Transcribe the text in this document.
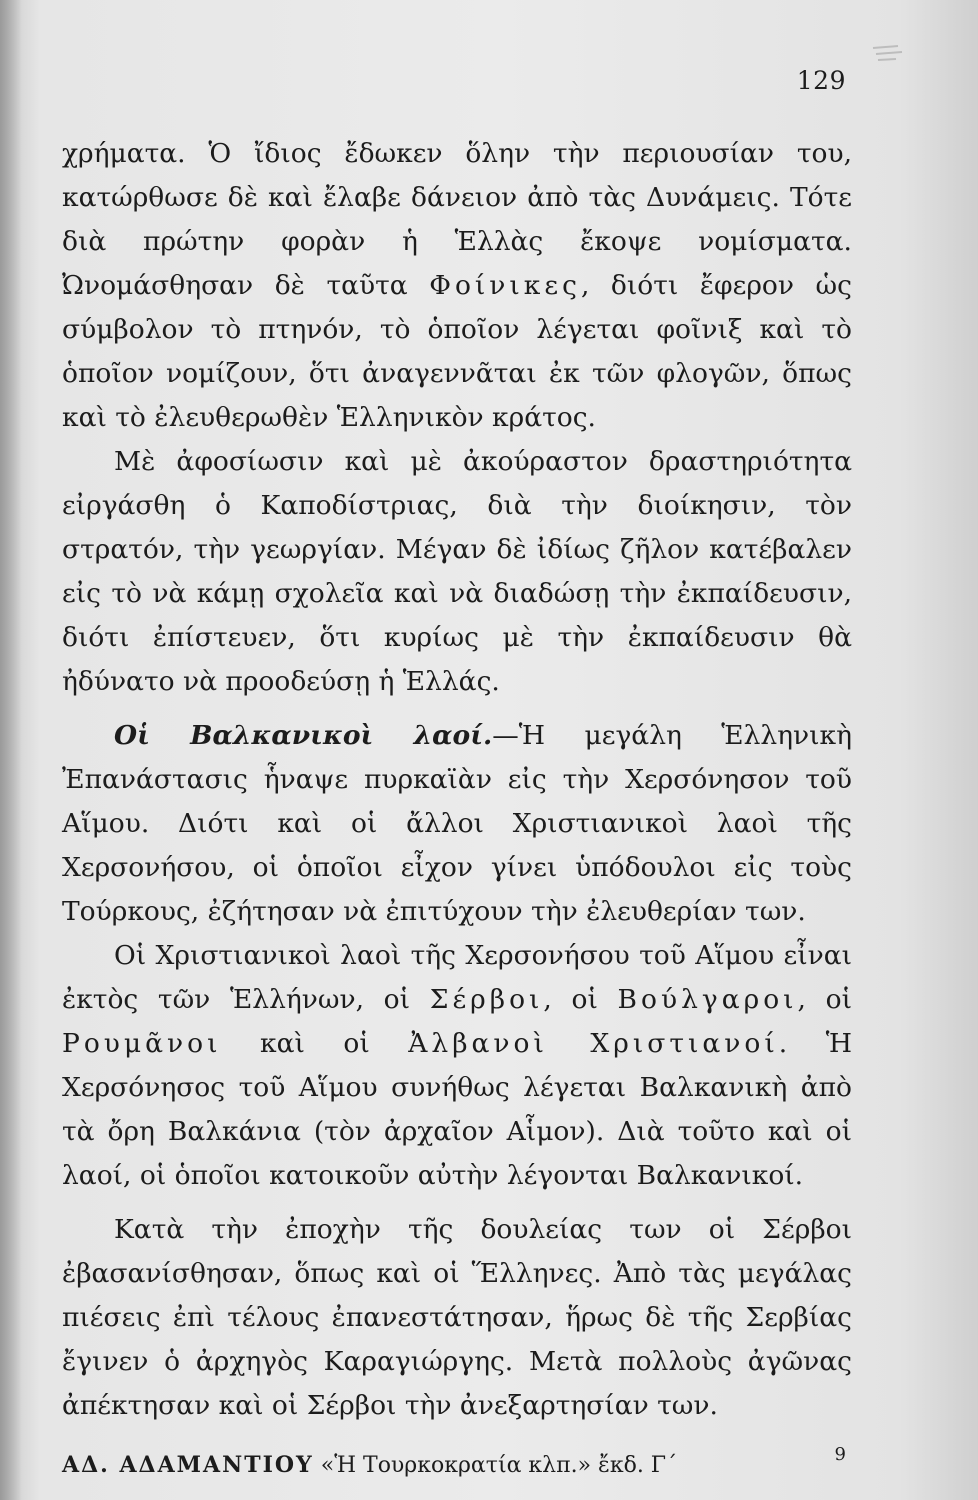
129

χρήματα. Ὁ ἴδιος ἔδωκεν ὅλην τὴν περιουσίαν του, κατώρθωσε δὲ καὶ ἔλαβε δάνειον ἀπὸ τὰς Δυνάμεις. Τότε διὰ πρώτην φορὰν ἡ Ἑλλὰς ἔκοψε νομίσματα. Ὠνομάσθησαν δὲ ταῦτα Φοίνικες, διότι ἔφερον ὡς σύμβολον τὸ πτηνόν, τὸ ὁποῖον λέγεται φοῖνιξ καὶ τὸ ὁποῖον νομίζουν, ὅτι ἀναγεννᾶται ἐκ τῶν φλογῶν, ὅπως καὶ τὸ ἐλευθερωθὲν Ἑλληνικὸν κράτος.

Μὲ ἀφοσίωσιν καὶ μὲ ἀκούραστον δραστηριότητα εἰργάσθη ὁ Καποδίστριας, διὰ τὴν διοίκησιν, τὸν στρατόν, τὴν γεωργίαν. Μέγαν δὲ ἰδίως ζῆλον κατέβαλεν εἰς τὸ νὰ κάμῃ σχολεῖα καὶ νὰ διαδώσῃ τὴν ἐκπαίδευσιν, διότι ἐπίστευεν, ὅτι κυρίως μὲ τὴν ἐκπαίδευσιν θὰ ἠδύνατο νὰ προοδεύσῃ ἡ Ἑλλάς.

Οἱ Βαλκανικοὶ λαοί.—Ἡ μεγάλη Ἑλληνικὴ Ἐπανάστασις ἧναψε πυρκαϊὰν εἰς τὴν Χερσόνησον τοῦ Αἵμου. Διότι καὶ οἱ ἄλλοι Χριστιανικοὶ λαοὶ τῆς Χερσονήσου, οἱ ὁποῖοι εἶχον γίνει ὑπόδουλοι εἰς τοὺς Τούρκους, ἐζήτησαν νὰ ἐπιτύχουν τὴν ἐλευθερίαν των.

Οἱ Χριστιανικοὶ λαοὶ τῆς Χερσονήσου τοῦ Αἵμου εἶναι ἐκτὸς τῶν Ἑλλήνων, οἱ Σέρβοι, οἱ Βούλγαροι, οἱ Ρουμᾶνοι καὶ οἱ Ἀλβανοὶ Χριστιανοί. Ἡ Χερσόνησος τοῦ Αἵμου συνήθως λέγεται Βαλκανικὴ ἀπὸ τὰ ὄρη Βαλκάνια (τὸν ἀρχαῖον Αἷμον). Διὰ τοῦτο καὶ οἱ λαοί, οἱ ὁποῖοι κατοικοῦν αὐτὴν λέγονται Βαλκανικοί.

Κατὰ τὴν ἐποχὴν τῆς δουλείας των οἱ Σέρβοι ἐβασανίσθησαν, ὅπως καὶ οἱ Ἕλληνες. Ἀπὸ τὰς μεγάλας πιέσεις ἐπὶ τέλους ἐπανεστάτησαν, ἥρως δὲ τῆς Σερβίας ἔγινεν ὁ ἀρχηγὸς Καραγιώργης. Μετὰ πολλοὺς ἀγῶνας ἀπέκτησαν καὶ οἱ Σέρβοι τὴν ἀνεξαρτησίαν των.

ΑΔ. ΑΔΑΜΑΝΤΙΟΥ «Ἡ Τουρκοκρατία κλπ.» ἔκδ. Γ΄	9
